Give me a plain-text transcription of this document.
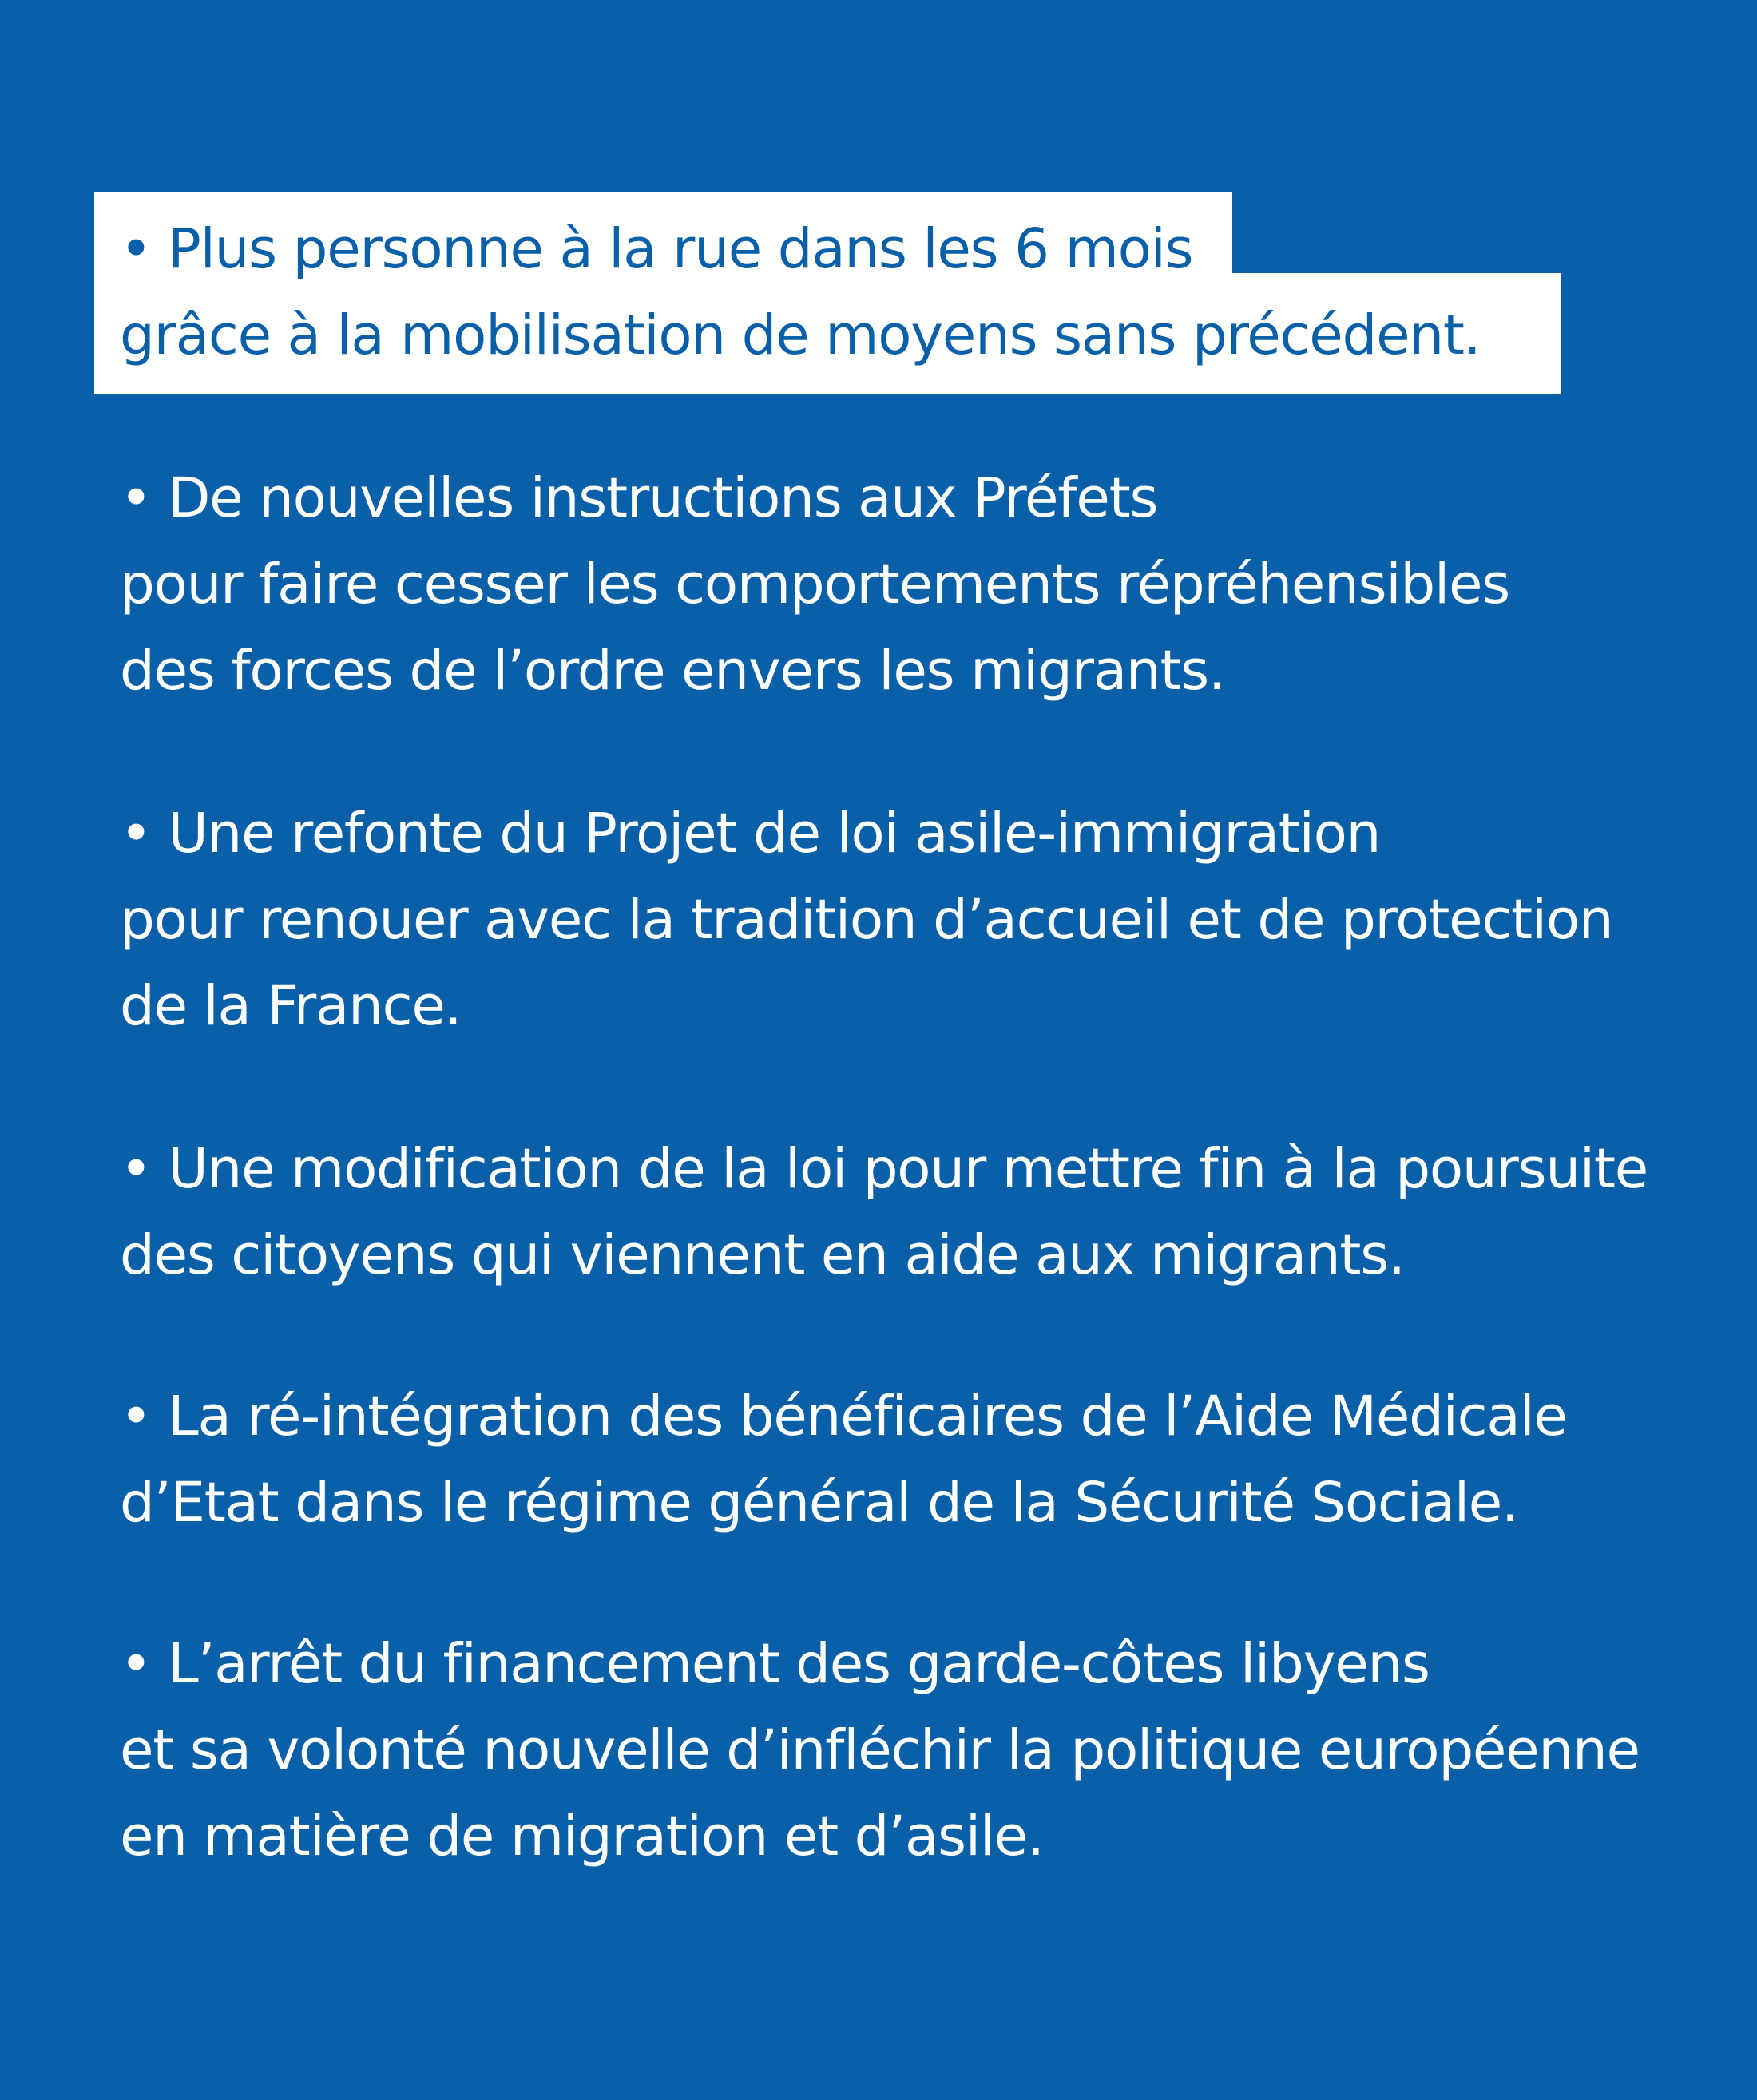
• Plus personne à la rue dans les 6 mois
grâce à la mobilisation de moyens sans précédent.

• De nouvelles instructions aux Préfets
pour faire cesser les comportements répréhensibles
des forces de l’ordre envers les migrants.

• Une refonte du Projet de loi asile-immigration
pour renouer avec la tradition d’accueil et de protection
de la France.

• Une modification de la loi pour mettre fin à la poursuite
des citoyens qui viennent en aide aux migrants.

• La ré-intégration des bénéficaires de l’Aide Médicale
d’Etat dans le régime général de la Sécurité Sociale.

• L’arrêt du financement des garde-côtes libyens
et sa volonté nouvelle d’infléchir la politique européenne
en matière de migration et d’asile.
